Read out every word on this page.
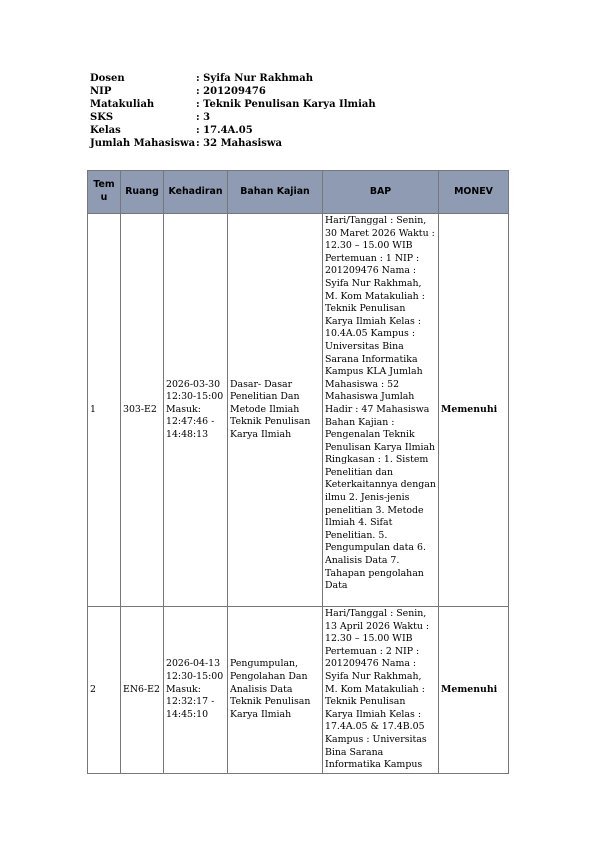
Dosen	: Syifa Nur Rakhmah
NIP	: 201209476
Matakuliah	: Teknik Penulisan Karya Ilmiah
SKS	: 3
Kelas	: 17.4A.05
Jumlah Mahasiswa : 32 Mahasiswa
Tem u	Ruang	Kehadiran	Bahan Kajian	BAP	MONEV
1	303-E2	2026-03-30 12:30-15:00 Masuk: 12:47:46 - 14:48:13	Dasar- Dasar Penelitian Dan Metode Ilmiah Teknik Penulisan Karya Ilmiah	Hari/Tanggal : Senin, 30 Maret 2026 Waktu : 12.30 – 15.00 WIB Pertemuan : 1 NIP : 201209476 Nama : Syifa Nur Rakhmah, M. Kom Matakuliah : Teknik Penulisan Karya Ilmiah Kelas : 10.4A.05 Kampus : Universitas Bina Sarana Informatika Kampus KLA Jumlah Mahasiswa : 52 Mahasiswa Jumlah Hadir : 47 Mahasiswa Bahan Kajian : Pengenalan Teknik Penulisan Karya Ilmiah Ringkasan : 1. Sistem Penelitian dan Keterkaitannya dengan ilmu 2. Jenis-jenis penelitian 3. Metode Ilmiah 4. Sifat Penelitian. 5. Pengumpulan data 6. Analisis Data 7. Tahapan pengolahan Data	Memenuhi
2	EN6-E2	2026-04-13 12:30-15:00 Masuk: 12:32:17 - 14:45:10	Pengumpulan, Pengolahan Dan Analisis Data Teknik Penulisan Karya Ilmiah	Hari/Tanggal : Senin, 13 April 2026 Waktu : 12.30 – 15.00 WIB Pertemuan : 2 NIP : 201209476 Nama : Syifa Nur Rakhmah, M. Kom Matakuliah : Teknik Penulisan Karya Ilmiah Kelas : 17.4A.05 & 17.4B.05 Kampus : Universitas Bina Sarana Informatika Kampus	Memenuhi
